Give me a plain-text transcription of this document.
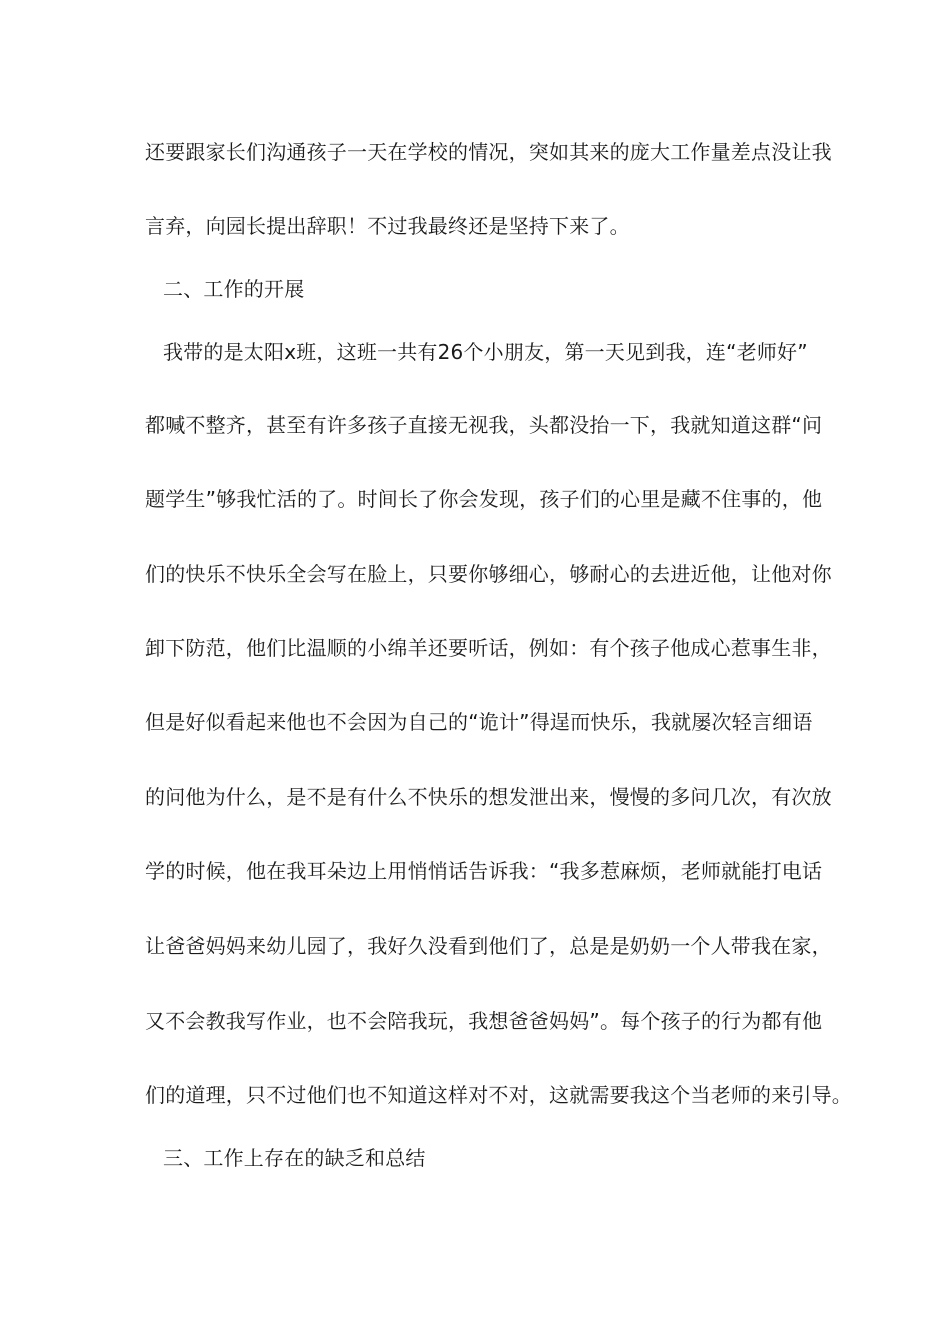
还要跟家长们沟通孩子一天在学校的情况，突如其来的庞大工作量差点没让我
言弃，向园长提出辞职！不过我最终还是坚持下来了。
二、工作的开展
我带的是太阳x班，这班一共有26个小朋友，第一天见到我，连“老师好”
都喊不整齐，甚至有许多孩子直接无视我，头都没抬一下，我就知道这群“问
题学生”够我忙活的了。时间长了你会发现，孩子们的心里是藏不住事的，他
们的快乐不快乐全会写在脸上，只要你够细心，够耐心的去进近他，让他对你
卸下防范，他们比温顺的小绵羊还要听话，例如：有个孩子他成心惹事生非，
但是好似看起来他也不会因为自己的“诡计”得逞而快乐，我就屡次轻言细语
的问他为什么，是不是有什么不快乐的想发泄出来，慢慢的多问几次，有次放
学的时候，他在我耳朵边上用悄悄话告诉我：“我多惹麻烦，老师就能打电话
让爸爸妈妈来幼儿园了，我好久没看到他们了，总是是奶奶一个人带我在家，
又不会教我写作业，也不会陪我玩，我想爸爸妈妈”。每个孩子的行为都有他
们的道理，只不过他们也不知道这样对不对，这就需要我这个当老师的来引导。
三、工作上存在的缺乏和总结
